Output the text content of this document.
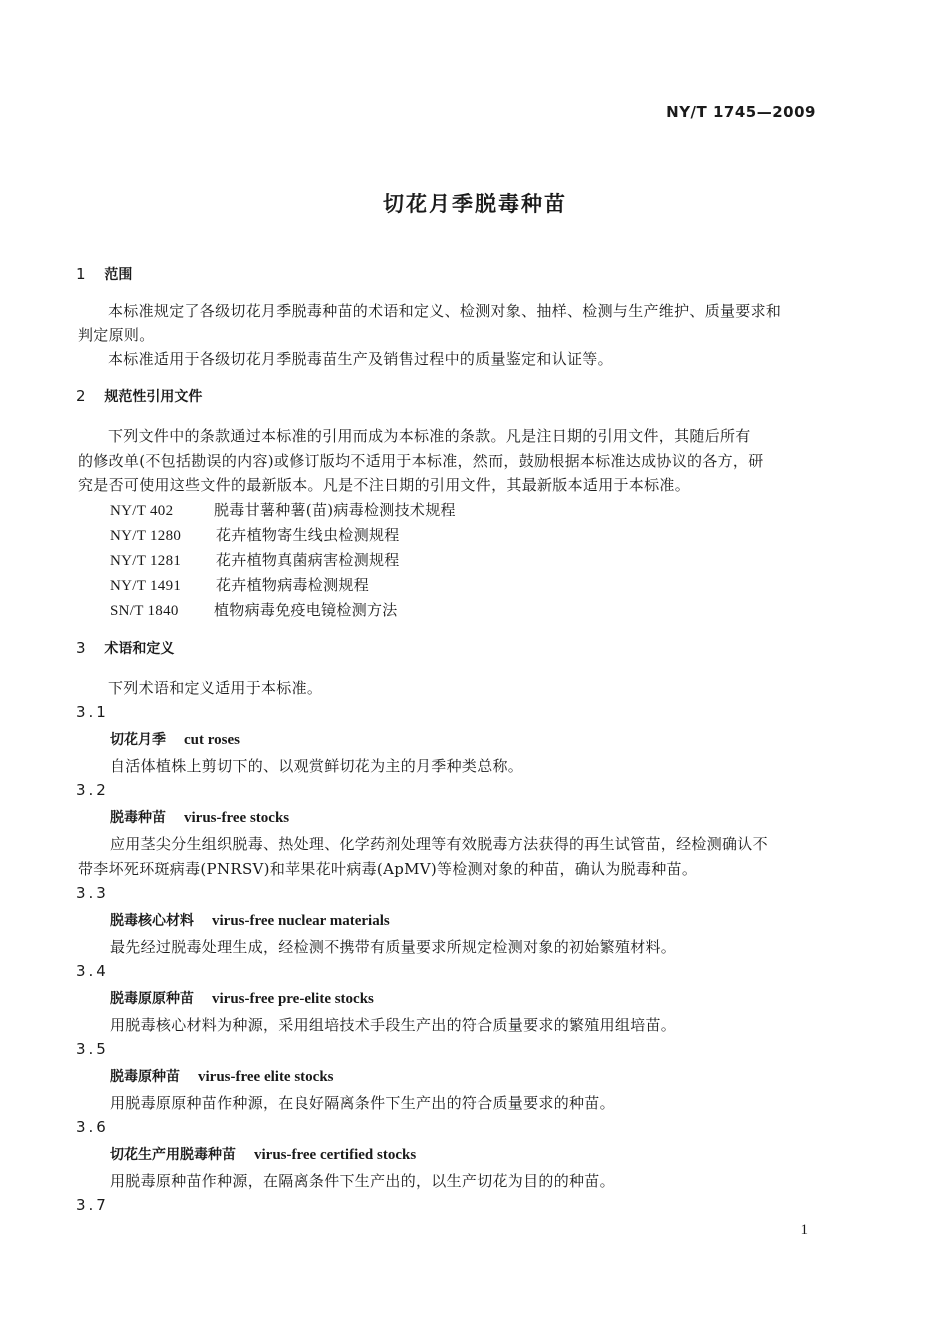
NY/T 1745—2009
切花月季脱毒种苗
1 范围
本标准规定了各级切花月季脱毒种苗的术语和定义、检测对象、抽样、检测与生产维护、质量要求和
判定原则。
本标准适用于各级切花月季脱毒苗生产及销售过程中的质量鉴定和认证等。
2 规范性引用文件
下列文件中的条款通过本标准的引用而成为本标准的条款。凡是注日期的引用文件，其随后所有
的修改单(不包括勘误的内容)或修订版均不适用于本标准，然而，鼓励根据本标准达成协议的各方，研
究是否可使用这些文件的最新版本。凡是不注日期的引用文件，其最新版本适用于本标准。
NY/T 402	脱毒甘薯种薯(苗)病毒检测技术规程
NY/T 1280 花卉植物寄生线虫检测规程
NY/T 1281 花卉植物真菌病害检测规程
NY/T 1491 花卉植物病毒检测规程
SN/T 1840 植物病毒免疫电镜检测方法
3 术语和定义
下列术语和定义适用于本标准。
3.1
切花月季 cut roses
自活体植株上剪切下的、以观赏鲜切花为主的月季种类总称。
3.2
脱毒种苗 virus-free stocks
应用茎尖分生组织脱毒、热处理、化学药剂处理等有效脱毒方法获得的再生试管苗，经检测确认不
带李坏死环斑病毒(PNRSV)和苹果花叶病毒(ApMV)等检测对象的种苗，确认为脱毒种苗。
3.3
脱毒核心材料 virus-free nuclear materials
最先经过脱毒处理生成，经检测不携带有质量要求所规定检测对象的初始繁殖材料。
3.4
脱毒原原种苗 virus-free pre-elite stocks
用脱毒核心材料为种源，采用组培技术手段生产出的符合质量要求的繁殖用组培苗。
3.5
脱毒原种苗 virus-free elite stocks
用脱毒原原种苗作种源，在良好隔离条件下生产出的符合质量要求的种苗。
3.6
切花生产用脱毒种苗 virus-free certified stocks
用脱毒原种苗作种源，在隔离条件下生产出的，以生产切花为目的的种苗。
3.7
1
